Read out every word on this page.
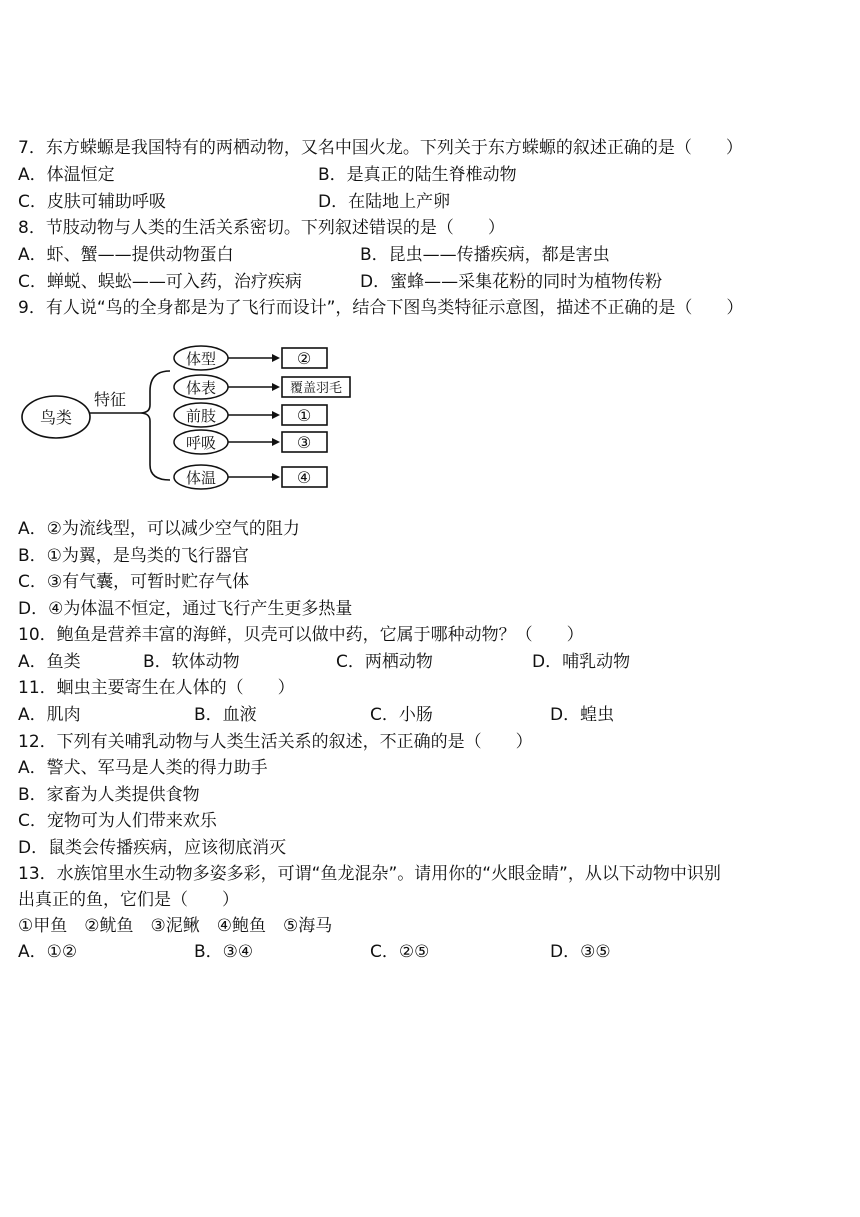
7．东方蝾螈是我国特有的两栖动物，又名中国火龙。下列关于东方蝾螈的叙述正确的是（　　）
A．体温恒定	B．是真正的陆生脊椎动物
C．皮肤可辅助呼吸	D．在陆地上产卵
8．节肢动物与人类的生活关系密切。下列叙述错误的是（　　）
A．虾、蟹——提供动物蛋白	B．昆虫——传播疾病，都是害虫
C．蝉蜕、蜈蚣——可入药，治疗疾病	D．蜜蜂——采集花粉的同时为植物传粉
9．有人说“鸟的全身都是为了飞行而设计”，结合下图鸟类特征示意图，描述不正确的是（　　）
鸟类
特征
体型	②
体表	覆盖羽毛
前肢	①
呼吸	③
体温	④
A．②为流线型，可以减少空气的阻力
B．①为翼，是鸟类的飞行器官
C．③有气囊，可暂时贮存气体
D．④为体温不恒定，通过飞行产生更多热量
10．鲍鱼是营养丰富的海鲜，贝壳可以做中药，它属于哪种动物？（　　）
A．鱼类	B．软体动物	C．两栖动物	D．哺乳动物
11．蛔虫主要寄生在人体的（　　）
A．肌肉	B．血液	C．小肠	D．蝗虫
12．下列有关哺乳动物与人类生活关系的叙述，不正确的是（　　）
A．警犬、军马是人类的得力助手
B．家畜为人类提供食物
C．宠物可为人们带来欢乐
D．鼠类会传播疾病，应该彻底消灭
13．水族馆里水生动物多姿多彩，可谓“鱼龙混杂”。请用你的“火眼金睛”，从以下动物中识别
出真正的鱼，它们是（　　）
①甲鱼　②鱿鱼　③泥鳅　④鲍鱼　⑤海马
A．①②	B．③④	C．②⑤	D．③⑤
